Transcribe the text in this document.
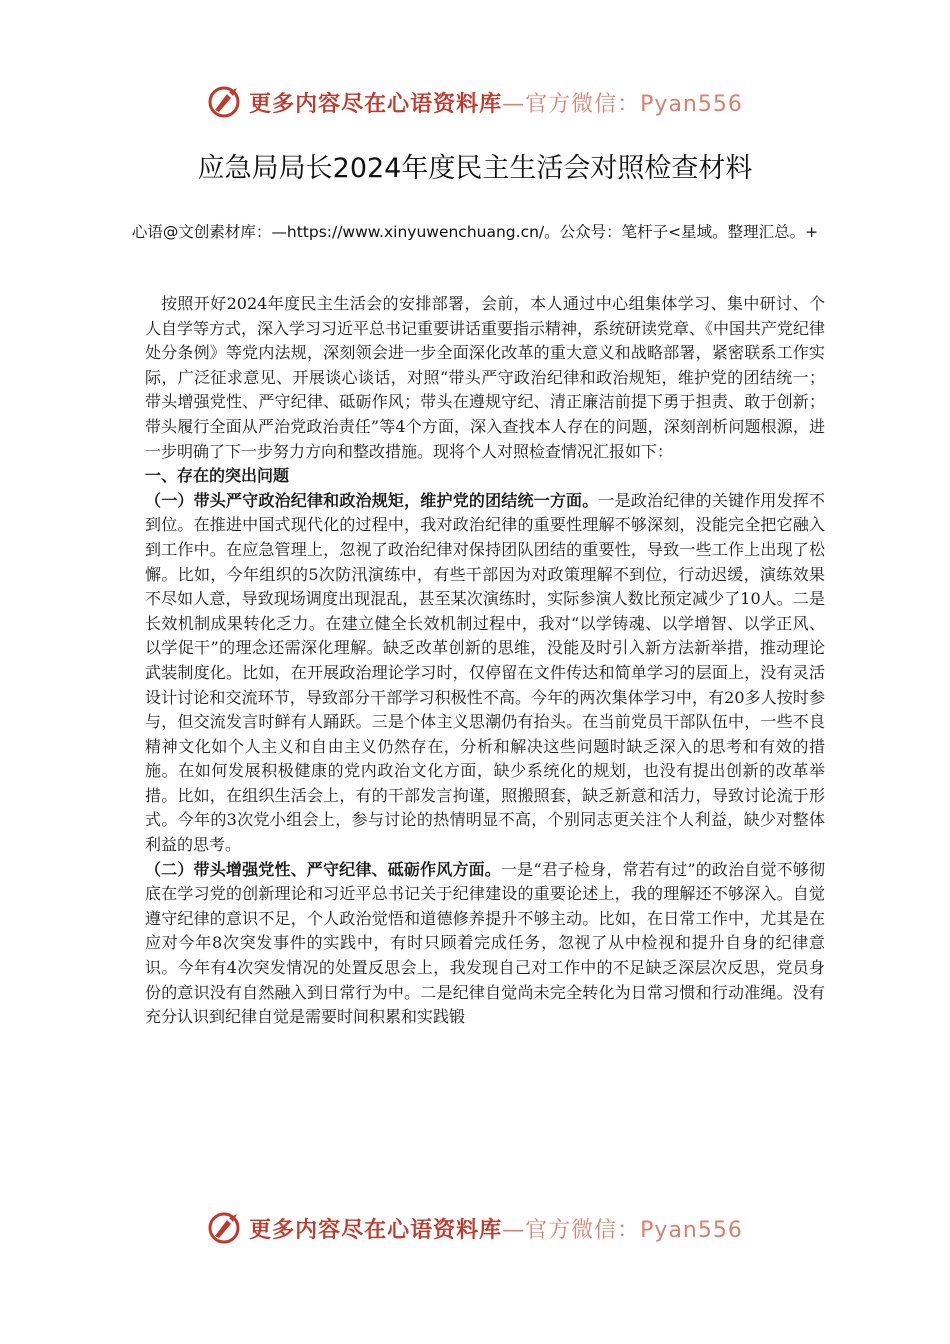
更多内容尽在心语资料库—官方微信：Pyan556
应急局局长2024年度民主生活会对照检查材料
心语@文创素材库：—https://www.xinyuwenchuang.cn/。公众号：笔杆子<星域。整理汇总。+

按照开好2024年度民主生活会的安排部署，会前，本人通过中心组集体学习、集中研讨、个人自学等方式，深入学习习近平总书记重要讲话重要指示精神，系统研读党章、《中国共产党纪律处分条例》等党内法规，深刻领会进一步全面深化改革的重大意义和战略部署，紧密联系工作实际，广泛征求意见、开展谈心谈话，对照“带头严守政治纪律和政治规矩，维护党的团结统一；带头增强党性、严守纪律、砥砺作风；带头在遵规守纪、清正廉洁前提下勇于担责、敢于创新；带头履行全面从严治党政治责任”等4个方面，深入查找本人存在的问题，深刻剖析问题根源，进一步明确了下一步努力方向和整改措施。现将个人对照检查情况汇报如下：

一、存在的突出问题

（一）带头严守政治纪律和政治规矩，维护党的团结统一方面。一是政治纪律的关键作用发挥不到位。在推进中国式现代化的过程中，我对政治纪律的重要性理解不够深刻，没能完全把它融入到工作中。在应急管理上，忽视了政治纪律对保持团队团结的重要性，导致一些工作上出现了松懈。比如，今年组织的5次防汛演练中，有些干部因为对政策理解不到位，行动迟缓，演练效果不尽如人意，导致现场调度出现混乱，甚至某次演练时，实际参演人数比预定减少了10人。二是长效机制成果转化乏力。在建立健全长效机制过程中，我对“以学铸魂、以学增智、以学正风、以学促干”的理念还需深化理解。缺乏改革创新的思维，没能及时引入新方法新举措，推动理论武装制度化。比如，在开展政治理论学习时，仅停留在文件传达和简单学习的层面上，没有灵活设计讨论和交流环节，导致部分干部学习积极性不高。今年的两次集体学习中，有20多人按时参与，但交流发言时鲜有人踊跃。三是个体主义思潮仍有抬头。在当前党员干部队伍中，一些不良精神文化如个人主义和自由主义仍然存在，分析和解决这些问题时缺乏深入的思考和有效的措施。在如何发展积极健康的党内政治文化方面，缺少系统化的规划，也没有提出创新的改革举措。比如，在组织生活会上，有的干部发言拘谨，照搬照套，缺乏新意和活力，导致讨论流于形式。今年的3次党小组会上，参与讨论的热情明显不高，个别同志更关注个人利益，缺少对整体利益的思考。

（二）带头增强党性、严守纪律、砥砺作风方面。一是“君子检身，常若有过”的政治自觉不够彻底在学习党的创新理论和习近平总书记关于纪律建设的重要论述上，我的理解还不够深入。自觉遵守纪律的意识不足，个人政治觉悟和道德修养提升不够主动。比如，在日常工作中，尤其是在应对今年8次突发事件的实践中，有时只顾着完成任务，忽视了从中检视和提升自身的纪律意识。今年有4次突发情况的处置反思会上，我发现自己对工作中的不足缺乏深层次反思，党员身份的意识没有自然融入到日常行为中。二是纪律自觉尚未完全转化为日常习惯和行动准绳。没有充分认识到纪律自觉是需要时间积累和实践锻

更多内容尽在心语资料库—官方微信：Pyan556
